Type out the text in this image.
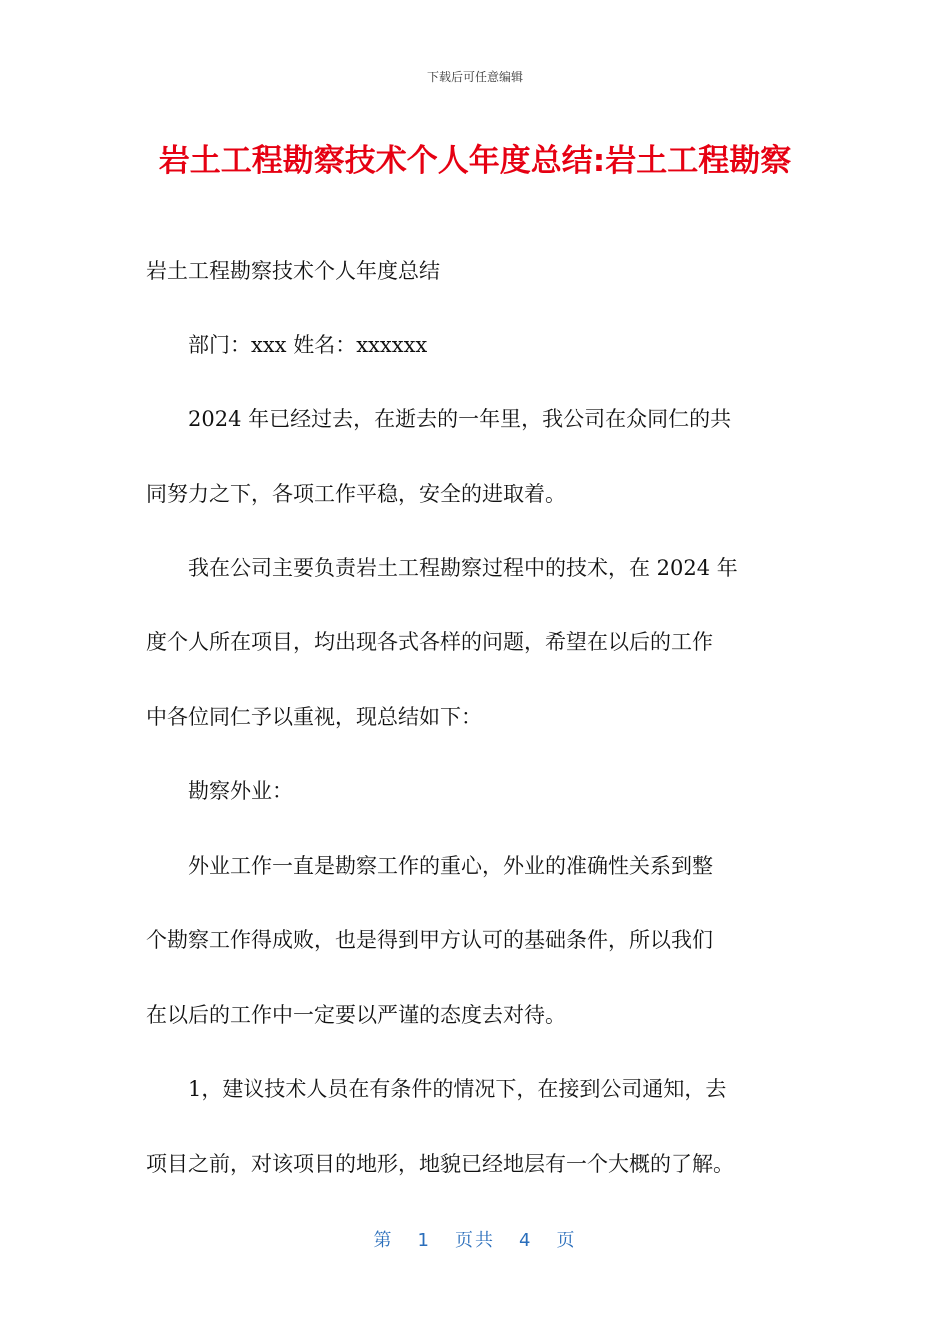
下载后可任意编辑
岩土工程勘察技术个人年度总结:岩土工程勘察

岩土工程勘察技术个人年度总结

　　部门：xxx 姓名：xxxxxx

　　2024 年已经过去，在逝去的一年里，我公司在众同仁的共

同努力之下，各项工作平稳，安全的进取着。

　　我在公司主要负责岩土工程勘察过程中的技术，在 2024 年

度个人所在项目，均出现各式各样的问题，希望在以后的工作

中各位同仁予以重视，现总结如下：

　　勘察外业：

　　外业工作一直是勘察工作的重心，外业的准确性关系到整

个勘察工作得成败，也是得到甲方认可的基础条件，所以我们

在以后的工作中一定要以严谨的态度去对待。

　　1，建议技术人员在有条件的情况下，在接到公司通知，去

项目之前，对该项目的地形，地貌已经地层有一个大概的了解。

第 1 页共 4 页
